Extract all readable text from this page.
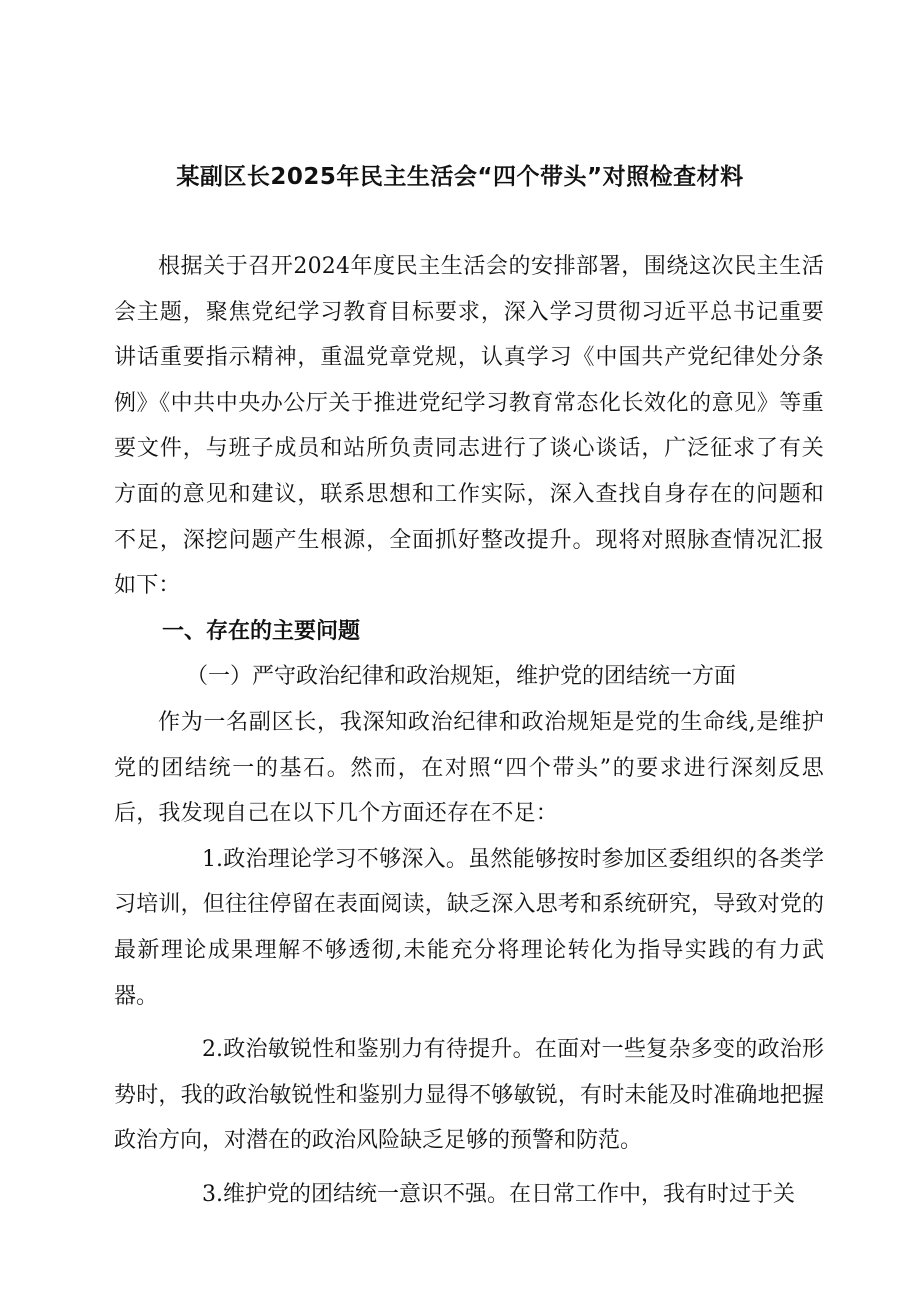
某副区长2025年民主生活会“四个带头”对照检查材料

根据关于召开2024年度民主生活会的安排部署，围绕这次民主生活会主题，聚焦党纪学习教育目标要求，深入学习贯彻习近平总书记重要讲话重要指示精神，重温党章党规，认真学习《中国共产党纪律处分条例》《中共中央办公厅关于推进党纪学习教育常态化长效化的意见》等重要文件，与班子成员和站所负责同志进行了谈心谈话，广泛征求了有关方面的意见和建议，联系思想和工作实际，深入查找自身存在的问题和不足，深挖问题产生根源，全面抓好整改提升。现将对照脉查情况汇报如下：

一、存在的主要问题

（一）严守政治纪律和政治规矩，维护党的团结统一方面

作为一名副区长，我深知政治纪律和政治规矩是党的生命线,是维护党的团结统一的基石。然而，在对照“四个带头”的要求进行深刻反思后，我发现自己在以下几个方面还存在不足：

1.政治理论学习不够深入。虽然能够按时参加区委组织的各类学习培训，但往往停留在表面阅读，缺乏深入思考和系统研究，导致对党的最新理论成果理解不够透彻,未能充分将理论转化为指导实践的有力武器。

2.政治敏锐性和鉴别力有待提升。在面对一些复杂多变的政治形势时，我的政治敏锐性和鉴别力显得不够敏锐，有时未能及时准确地把握政治方向，对潜在的政治风险缺乏足够的预警和防范。

3.维护党的团结统一意识不强。在日常工作中，我有时过于关
